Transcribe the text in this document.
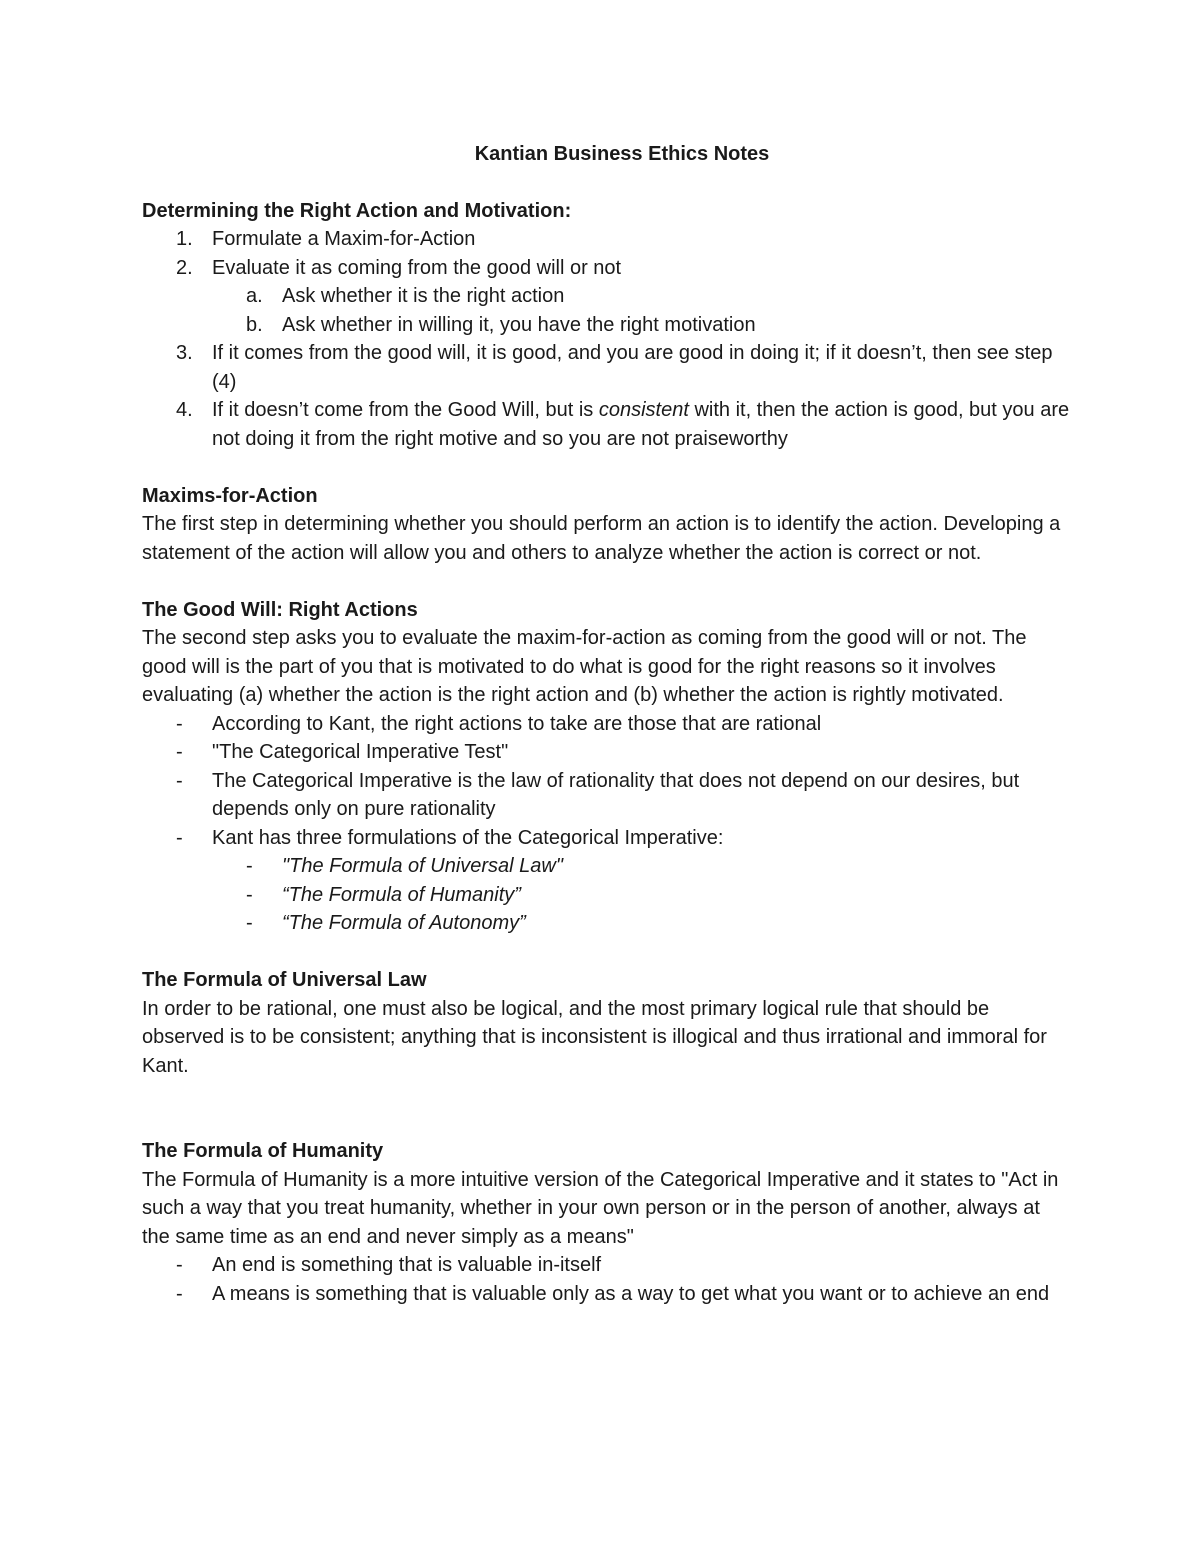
Kantian Business Ethics Notes
Determining the Right Action and Motivation:
1. Formulate a Maxim-for-Action
2. Evaluate it as coming from the good will or not
a. Ask whether it is the right action
b. Ask whether in willing it, you have the right motivation
3. If it comes from the good will, it is good, and you are good in doing it; if it doesn’t, then see step (4)
4. If it doesn’t come from the Good Will, but is consistent with it, then the action is good, but you are not doing it from the right motive and so you are not praiseworthy
Maxims-for-Action

The first step in determining whether you should perform an action is to identify the action. Developing a statement of the action will allow you and others to analyze whether the action is correct or not.

The Good Will: Right Actions

The second step asks you to evaluate the maxim-for-action as coming from the good will or not. The good will is the part of you that is motivated to do what is good for the right reasons so it involves evaluating (a) whether the action is the right action and (b) whether the action is rightly motivated.

- According to Kant, the right actions to take are those that are rational
- "The Categorical Imperative Test"
- The Categorical Imperative is the law of rationality that does not depend on our desires, but depends only on pure rationality
- Kant has three formulations of the Categorical Imperative:
- "The Formula of Universal Law"
- “The Formula of Humanity”
- “The Formula of Autonomy”
The Formula of Universal Law

In order to be rational, one must also be logical, and the most primary logical rule that should be observed is to be consistent; anything that is inconsistent is illogical and thus irrational and immoral for Kant.

The Formula of Humanity

The Formula of Humanity is a more intuitive version of the Categorical Imperative and it states to "Act in such a way that you treat humanity, whether in your own person or in the person of another, always at the same time as an end and never simply as a means"

- An end is something that is valuable in-itself
- A means is something that is valuable only as a way to get what you want or to achieve an end
